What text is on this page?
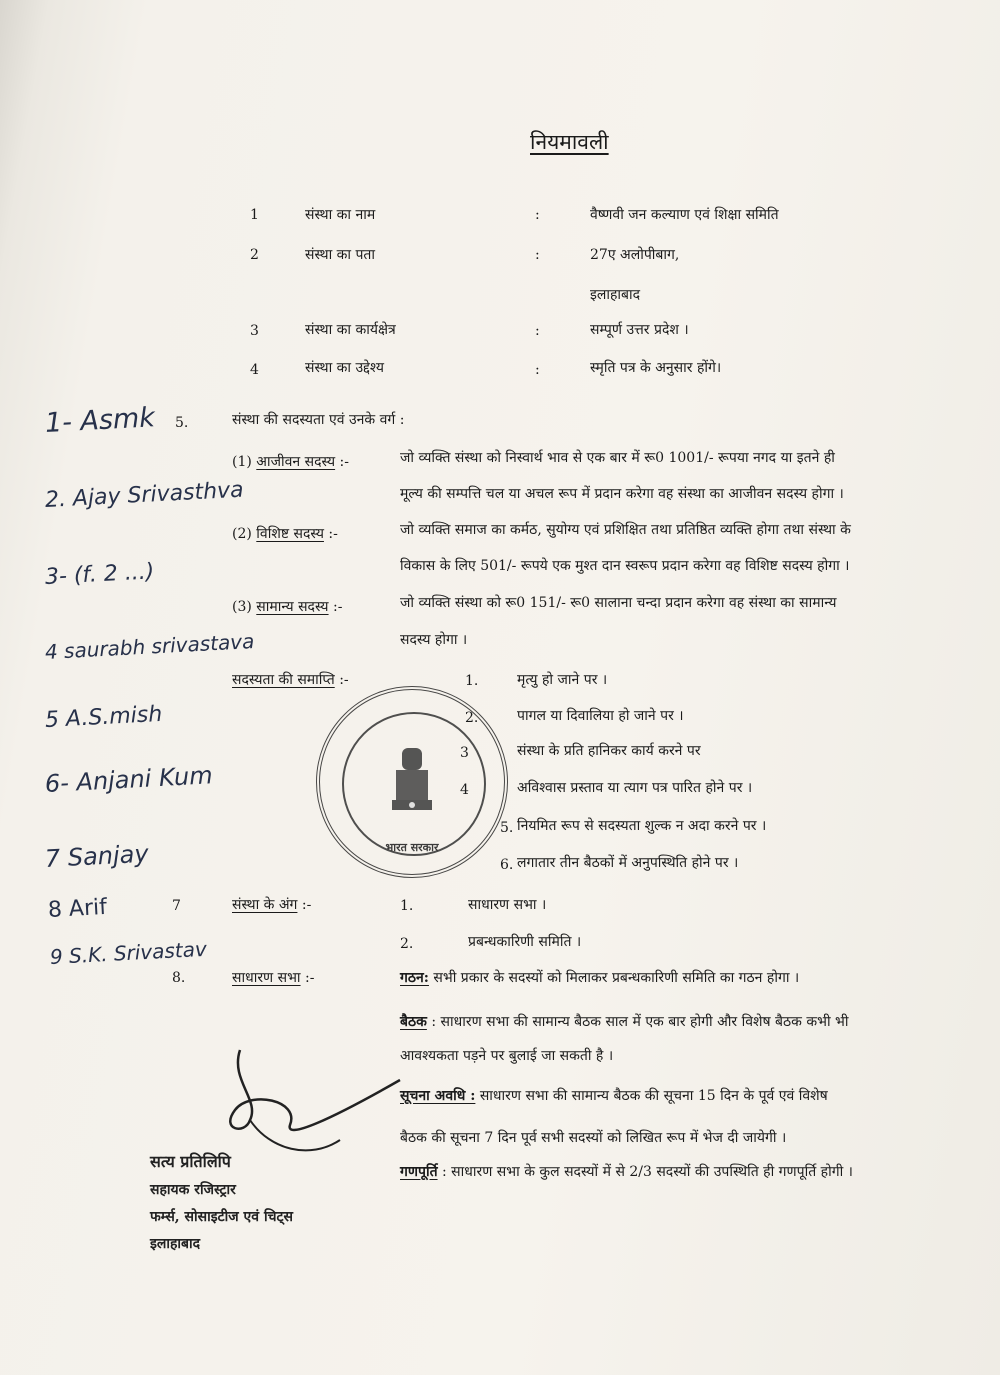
नियमावली
1	संस्था का नाम	:	वैष्णवी जन कल्याण एवं शिक्षा समिति
2	संस्था का पता	:	27ए अलोपीबाग,
इलाहाबाद
3	संस्था का कार्यक्षेत्र	:	सम्पूर्ण उत्तर प्रदेश ।
4	संस्था का उद्देश्य	:	स्मृति पत्र के अनुसार होंगे।
5.	संस्था की सदस्यता एवं उनके वर्ग :
(1) आजीवन सदस्य :-	जो व्यक्ति संस्था को निस्वार्थ भाव से एक बार में रू0 1001/- रूपया नगद या इतने ही
मूल्य की सम्पत्ति चल या अचल रूप में प्रदान करेगा वह संस्था का आजीवन सदस्य होगा ।
(2) विशिष्ट सदस्य :-	जो व्यक्ति समाज का कर्मठ, सुयोग्य एवं प्रशिक्षित तथा प्रतिष्ठित व्यक्ति होगा तथा संस्था के
विकास के लिए 501/- रूपये एक मुश्त दान स्वरूप प्रदान करेगा वह विशिष्ट सदस्य होगा ।
(3) सामान्य सदस्य :-	जो व्यक्ति संस्था को रू0 151/- रू0 सालाना चन्दा प्रदान करेगा वह संस्था का सामान्य
सदस्य होगा ।
भारत सरकार
सदस्यता की समाप्ति :-	1.	मृत्यु हो जाने पर ।
2.	पागल या दिवालिया हो जाने पर ।
3	संस्था के प्रति हानिकर कार्य करने पर
4	अविश्वास प्रस्ताव या त्याग पत्र पारित होने पर ।
5. नियमित रूप से सदस्यता शुल्क न अदा करने पर ।
6. लगातार तीन बैठकों में अनुपस्थिति होने पर ।
7	संस्था के अंग :-	1.	साधारण सभा ।
2.	प्रबन्धकारिणी समिति ।
8.	साधारण सभा :-	गठन: सभी प्रकार के सदस्यों को मिलाकर प्रबन्धकारिणी समिति का गठन होगा ।
बैठक : साधारण सभा की सामान्य बैठक साल में एक बार होगी और विशेष बैठक कभी भी
आवश्यकता पड़ने पर बुलाई जा सकती है ।
सूचना अवधि : साधारण सभा की सामान्य बैठक की सूचना 15 दिन के पूर्व एवं विशेष
बैठक की सूचना 7 दिन पूर्व सभी सदस्यों को लिखित रूप में भेज दी जायेगी ।
गणपूर्ति : साधारण सभा के कुल सदस्यों में से 2/3 सदस्यों की उपस्थिति ही गणपूर्ति होगी ।
1- Asmk
2. Ajay Srivasthva
3- (f. 2 ...)
4 saurabh srivastava
5 A.S.mish
6- Anjani Kum
7 Sanjay
8 Arif
9 S.K. Srivastav
सत्य प्रतिलिपि
सहायक रजिस्ट्रार
फर्म्स, सोसाइटीज एवं चिट्स
इलाहाबाद
